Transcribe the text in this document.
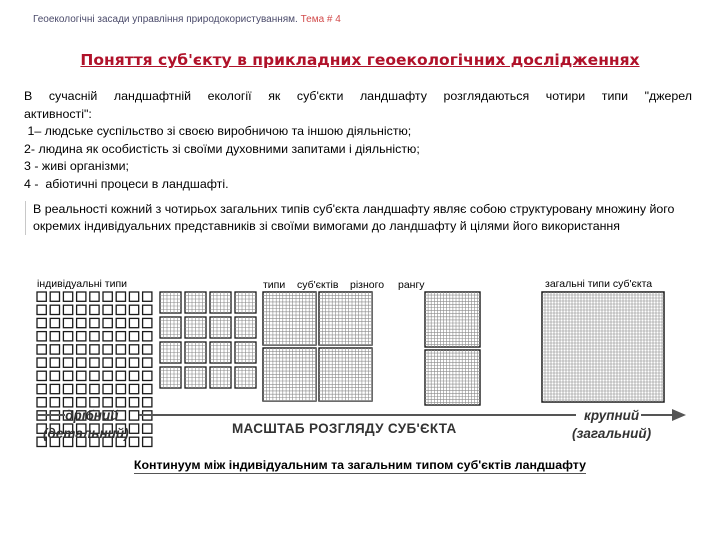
Геоекологічні засади управління природокористуванням. Тема # 4
Поняття суб'єкту в прикладних геоекологічних дослідженнях
В сучасній ландшафтній екології як суб'єкти ландшафту розглядаються чотири типи "джерел
активності":
1– людське суспільство зі своєю виробничою та іншою діяльністю;
2- людина як особистість зі своїми духовними запитами і діяльністю;
3 - живі організми;
4 -  абіотичні процеси в ландшафті.
В реальності кожний з чотирьох загальних типів суб'єкта ландшафту являє собою структуровану множину його окремих індивідуальних представників зі своїми вимогами до ландшафту й цілями його використання
індивідуальні типи	типи суб'єктів різного рангу	загальні типи суб'єкта
дрібний
(детальний)	МАСШТАБ РОЗГЛЯДУ СУБ'ЄКТА
крупний
(загальний)
Континуум між індивідуальним та загальним типом суб'єктів ландшафту
